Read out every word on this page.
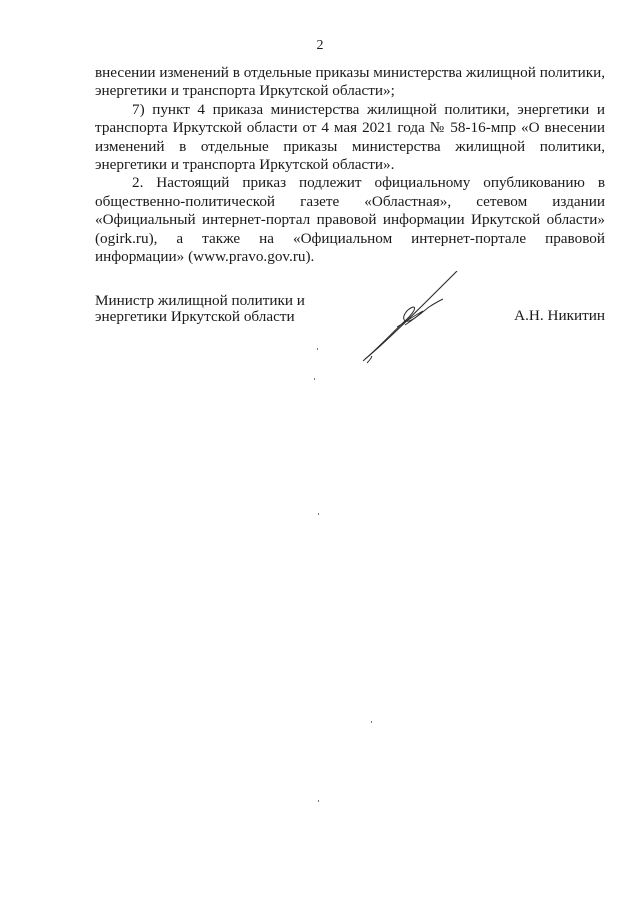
2

внесении изменений в отдельные приказы министерства жилищной политики, энергетики и транспорта Иркутской области»;

7) пункт 4 приказа министерства жилищной политики, энергетики и транспорта Иркутской области от 4 мая 2021 года № 58-16-мпр «О внесении изменений в отдельные приказы министерства жилищной политики, энергетики и транспорта Иркутской области».

2. Настоящий приказ подлежит официальному опубликованию в общественно-политической газете «Областная», сетевом издании «Официальный интернет-портал правовой информации Иркутской области» (ogirk.ru), а также на «Официальном интернет-портале правовой информации» (www.pravo.gov.ru).

Министр жилищной политики и
энергетики Иркутской области	А.Н. Никитин
